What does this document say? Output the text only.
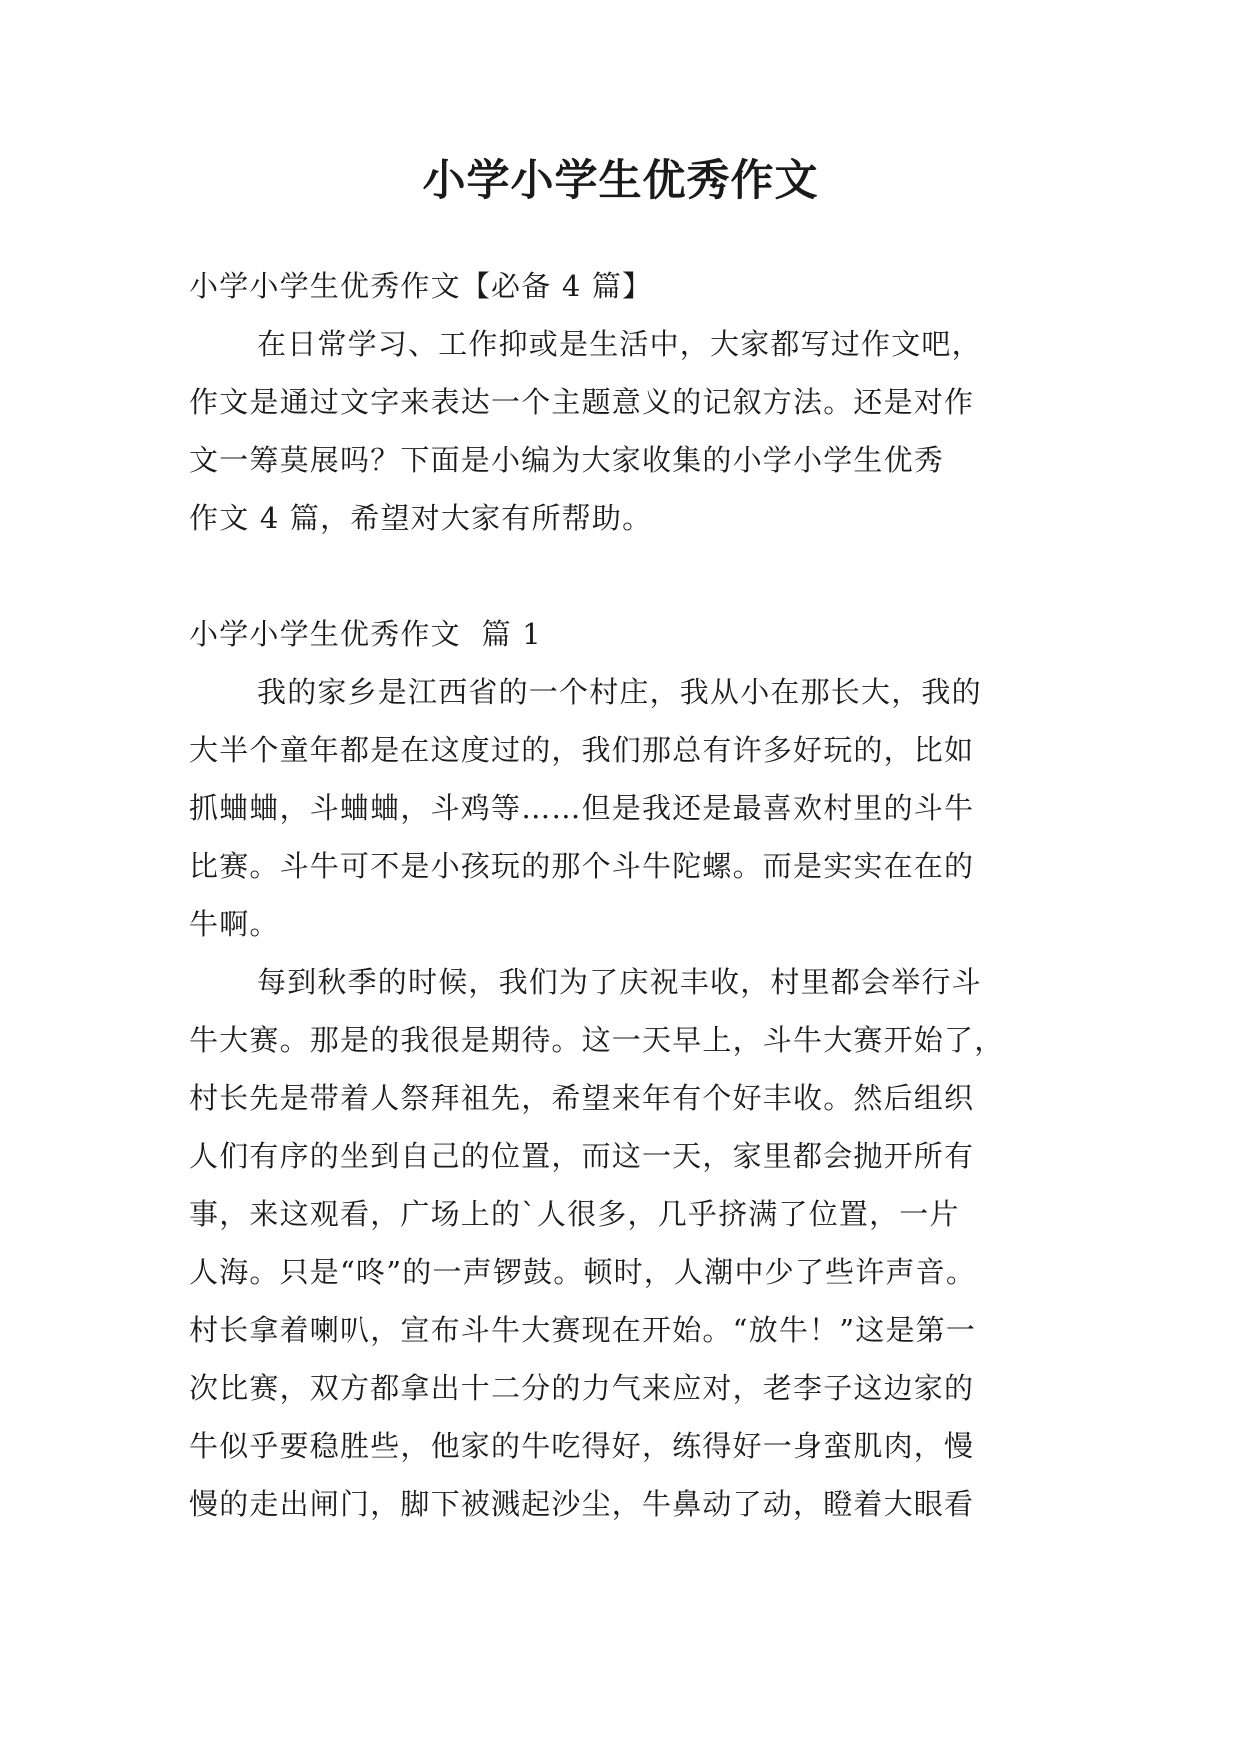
小学小学生优秀作文
小学小学生优秀作文【必备 4 篇】
在日常学习、工作抑或是生活中，大家都写过作文吧，
作文是通过文字来表达一个主题意义的记叙方法。还是对作
文一筹莫展吗？下面是小编为大家收集的小学小学生优秀
作文 4 篇，希望对大家有所帮助。
小学小学生优秀作文  篇 1
我的家乡是江西省的一个村庄，我从小在那长大，我的
大半个童年都是在这度过的，我们那总有许多好玩的，比如
抓蛐蛐，斗蛐蛐，斗鸡等……但是我还是最喜欢村里的斗牛
比赛。斗牛可不是小孩玩的那个斗牛陀螺。而是实实在在的
牛啊。
每到秋季的时候，我们为了庆祝丰收，村里都会举行斗
牛大赛。那是的我很是期待。这一天早上，斗牛大赛开始了，
村长先是带着人祭拜祖先，希望来年有个好丰收。然后组织
人们有序的坐到自己的位置，而这一天，家里都会抛开所有
事，来这观看，广场上的`人很多，几乎挤满了位置，一片
人海。只是“咚”的一声锣鼓。顿时，人潮中少了些许声音。
村长拿着喇叭，宣布斗牛大赛现在开始。“放牛！”这是第一
次比赛，双方都拿出十二分的力气来应对，老李子这边家的
牛似乎要稳胜些，他家的牛吃得好，练得好一身蛮肌肉，慢
慢的走出闸门，脚下被溅起沙尘，牛鼻动了动，瞪着大眼看
